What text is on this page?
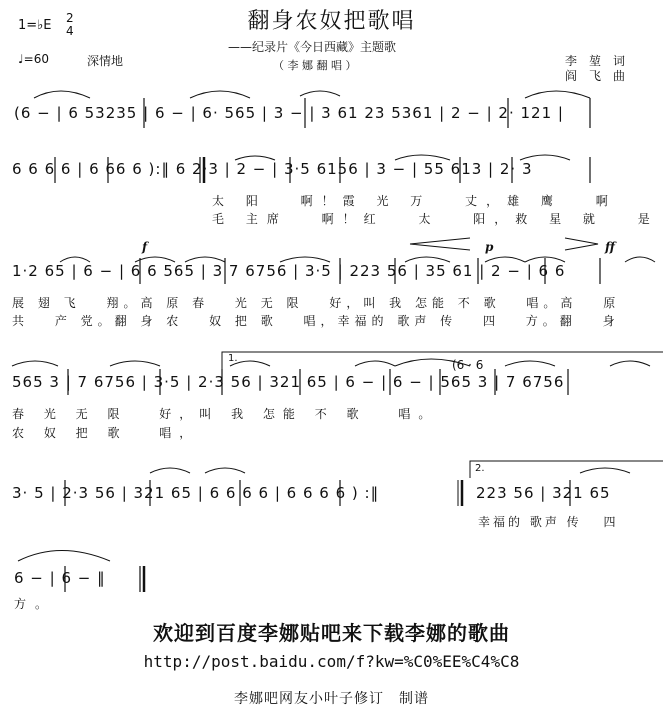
翻身农奴把歌唱
——纪录片《今日西藏》主题歌
（ 李 娜 翻 唱 ）
1=♭E 2
4
♩=60	深情地	李　堃　词
阎　飞　曲
(6 − | 6 53235 | 6 − | 6· 565 | 3 − | 3 61 23 5361 | 2 − | 2· 121 |
6 6 6 6 | 6 66 6 ):‖ 6 2·3 | 2 − | 3·5 6156 | 3 − | 55 613 | 2· 3
太 阳　 啊！霞 光 万　 丈，雄 鹰　 啊
毛 主席　 啊！红　 太　 阳，救 星 就　 是
f	p	ff
1·2 65 | 6 − | 6 6 565 | 3 7 6756 | 3·5 | 223 56 | 35 61 | 2 − | 6 6
展 翅 飞　 翔。高 原 春　 光 无 限　 好，叫 我 怎能 不 歌　 唱。高　 原
共　 产 党。翻 身 农　 奴 把 歌　 唱，幸福的 歌声 传　 四　 方。翻　 身
1.	(6 · 6
565 3 | 7 6756 | 3·5 | 2·3 56 | 321 65 | 6 − | 6 − | 565 3 | 7 6756
春 光 无 限　 好，叫 我 怎能 不 歌　 唱。
农 奴 把 歌　 唱，
2.
3· 5 | 2·3 56 | 321 65 | 6 6 6 6 | 6 6 6 6 ) :‖	223 56 | 321 65
幸福的 歌声 传　 四
6 − | 6 − ‖
方。
欢迎到百度李娜贴吧来下载李娜的歌曲
http://post.baidu.com/f?kw=%C0%EE%C4%C8
李娜吧网友小叶子修订　制谱
